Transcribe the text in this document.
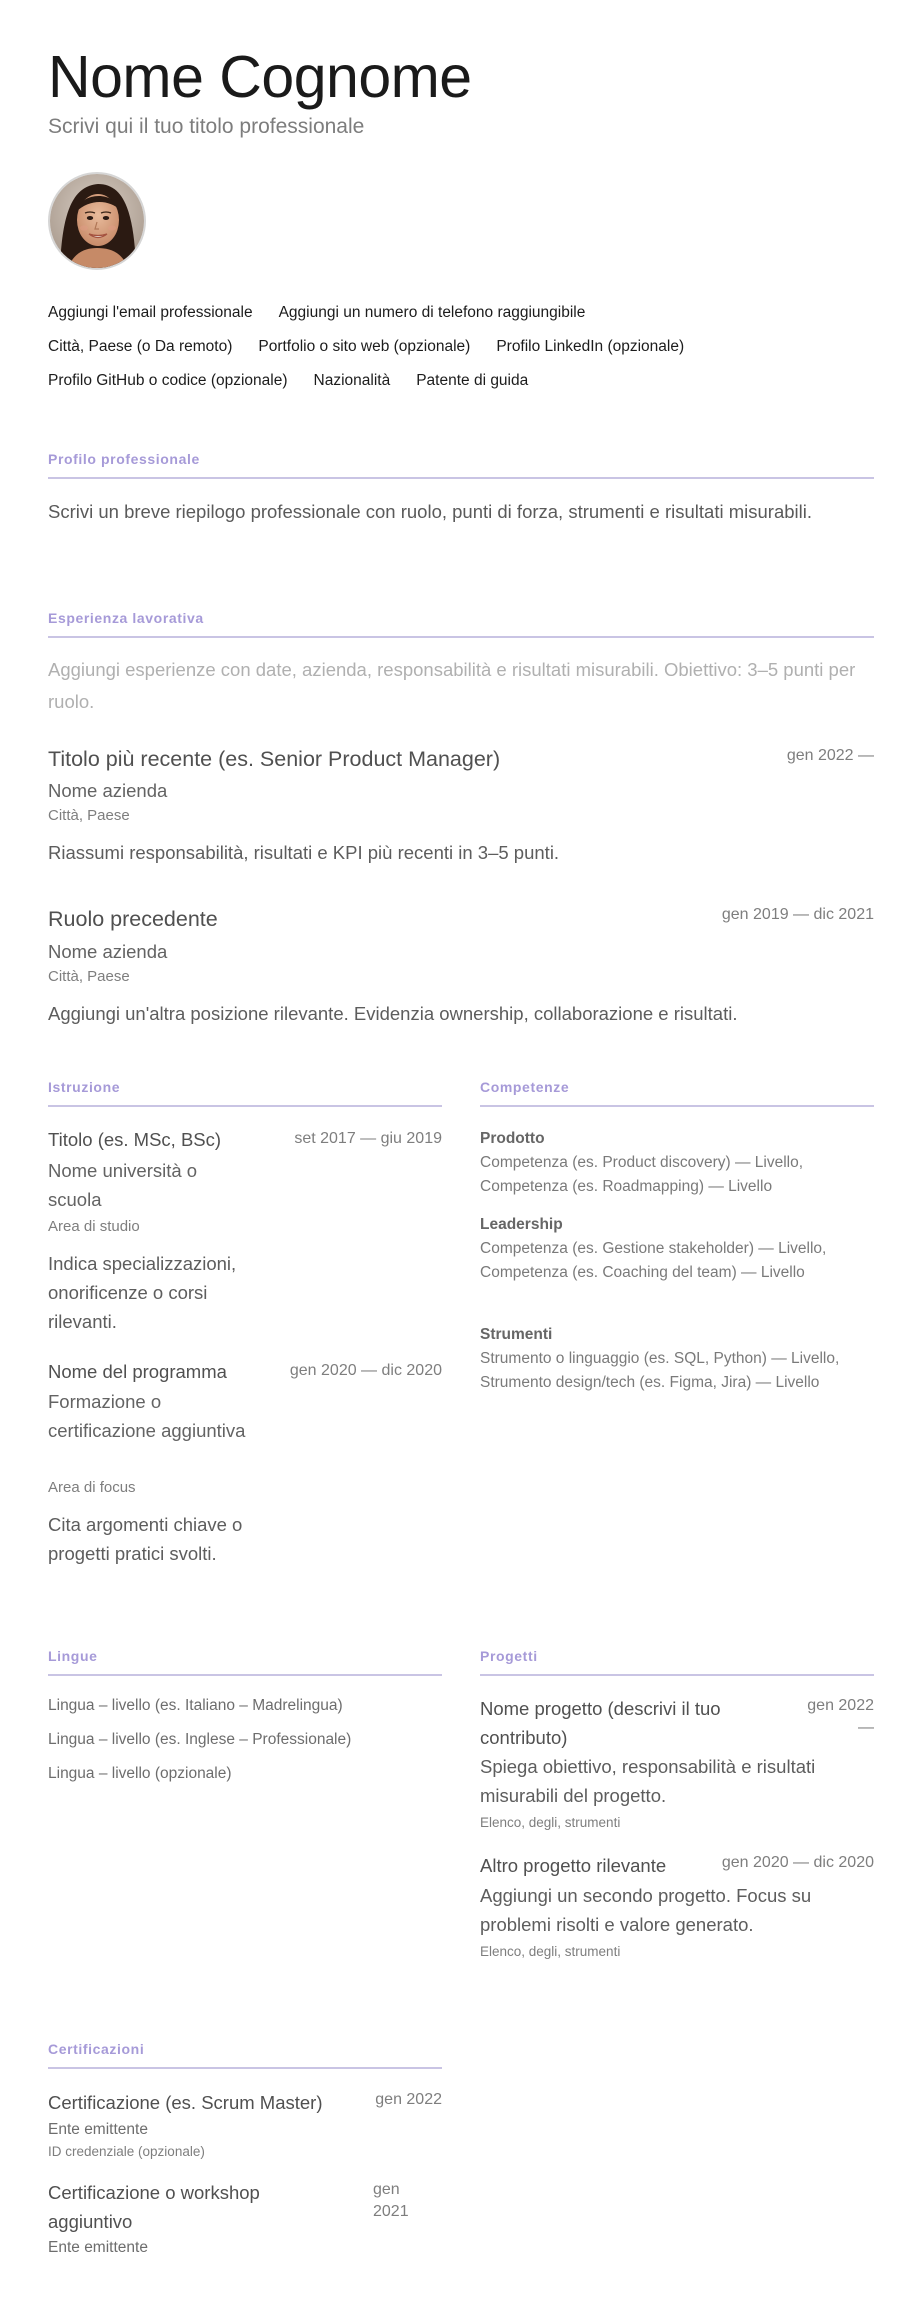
Nome Cognome
Scrivi qui il tuo titolo professionale
Aggiungi l'email professionale Aggiungi un numero di telefono raggiungibile
Città, Paese (o Da remoto) Portfolio o sito web (opzionale) Profilo LinkedIn (opzionale)
Profilo GitHub o codice (opzionale) Nazionalità Patente di guida
Profilo professionale
Scrivi un breve riepilogo professionale con ruolo, punti di forza, strumenti e risultati misurabili.
Esperienza lavorativa
Aggiungi esperienze con date, azienda, responsabilità e risultati misurabili. Obiettivo: 3–5 punti per ruolo.
Titolo più recente (es. Senior Product Manager)	gen 2022 —
Nome azienda
Città, Paese
Riassumi responsabilità, risultati e KPI più recenti in 3–5 punti.
Ruolo precedente	gen 2019 — dic 2021
Nome azienda
Città, Paese
Aggiungi un'altra posizione rilevante. Evidenzia ownership, collaborazione e risultati.
Istruzione
Titolo (es. MSc, BSc)	set 2017 — giu 2019
Nome università o scuola
Area di studio
Indica specializzazioni, onorificenze o corsi rilevanti.
Nome del programma	gen 2020 — dic 2020
Formazione o certificazione aggiuntiva
Area di focus
Cita argomenti chiave o progetti pratici svolti.
Competenze
Prodotto
Competenza (es. Product discovery) — Livello, Competenza (es. Roadmapping) — Livello
Leadership
Competenza (es. Gestione stakeholder) — Livello, Competenza (es. Coaching del team) — Livello
Strumenti
Strumento o linguaggio (es. SQL, Python) — Livello, Strumento design/tech (es. Figma, Jira) — Livello
Lingue
Lingua – livello (es. Italiano – Madrelingua)
Lingua – livello (es. Inglese – Professionale)
Lingua – livello (opzionale)
Progetti
Nome progetto (descrivi il tuo contributo)
gen 2022 —
Spiega obiettivo, responsabilità e risultati misurabili del progetto.
Elenco, degli, strumenti
Altro progetto rilevante	gen 2020 — dic 2020
Aggiungi un secondo progetto. Focus su problemi risolti e valore generato.
Elenco, degli, strumenti
Certificazioni
Certificazione (es. Scrum Master)	gen 2022
Ente emittente
ID credenziale (opzionale)
Certificazione o workshop aggiuntivo
gen 2021
Ente emittente
